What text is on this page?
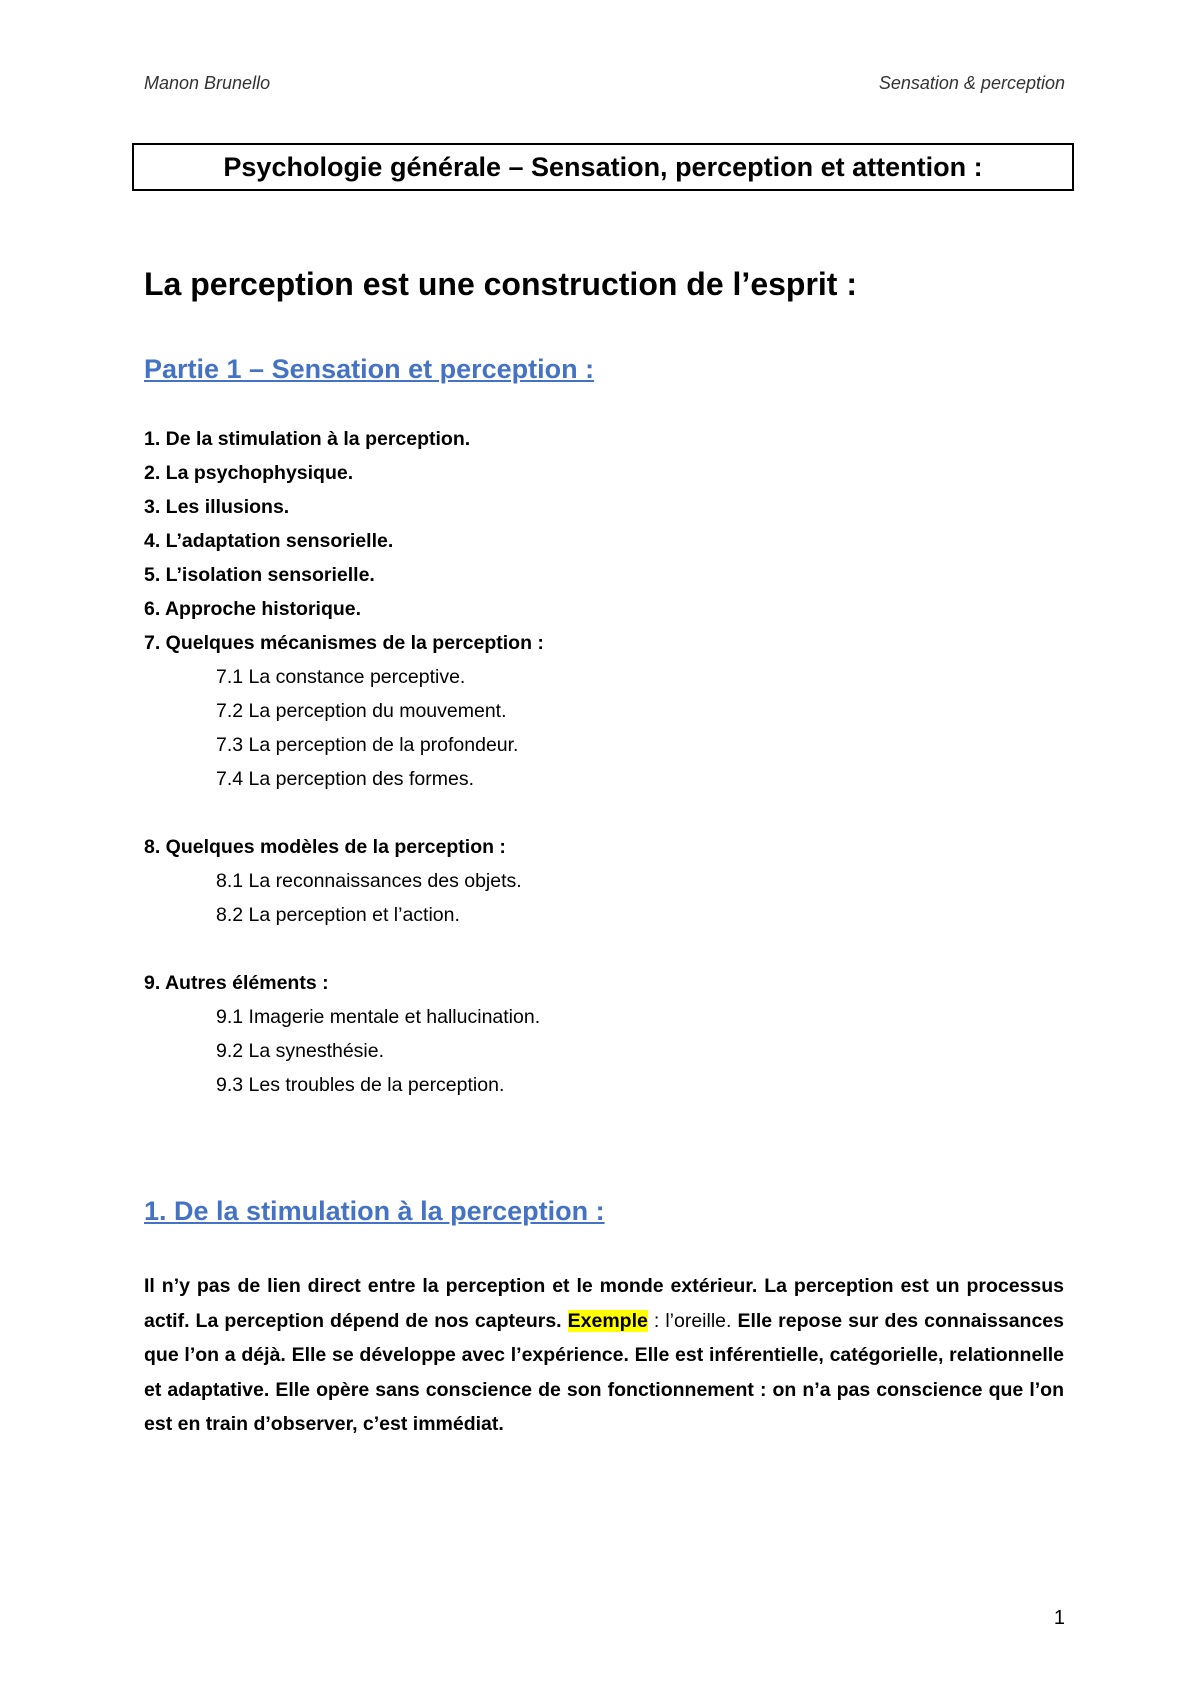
Manon Brunello	Sensation & perception
Psychologie générale – Sensation, perception et attention :
La perception est une construction de l’esprit :
Partie 1 – Sensation et perception :
1. De la stimulation à la perception.
2. La psychophysique.
3. Les illusions.
4. L’adaptation sensorielle.
5. L’isolation sensorielle.
6. Approche historique.
7. Quelques mécanismes de la perception :
7.1 La constance perceptive.
7.2 La perception du mouvement.
7.3 La perception de la profondeur.
7.4 La perception des formes.
8. Quelques modèles de la perception :
8.1 La reconnaissances des objets.
8.2 La perception et l’action.
9. Autres éléments :
9.1 Imagerie mentale et hallucination.
9.2 La synesthésie.
9.3 Les troubles de la perception.
1. De la stimulation à la perception :

Il n’y pas de lien direct entre la perception et le monde extérieur. La perception est un processus actif. La perception dépend de nos capteurs. Exemple : l’oreille. Elle repose sur des connaissances que l’on a déjà. Elle se développe avec l’expérience. Elle est inférentielle, catégorielle, relationnelle et adaptative. Elle opère sans conscience de son fonctionnement : on n’a pas conscience que l’on est en train d’observer, c’est immédiat.

1
